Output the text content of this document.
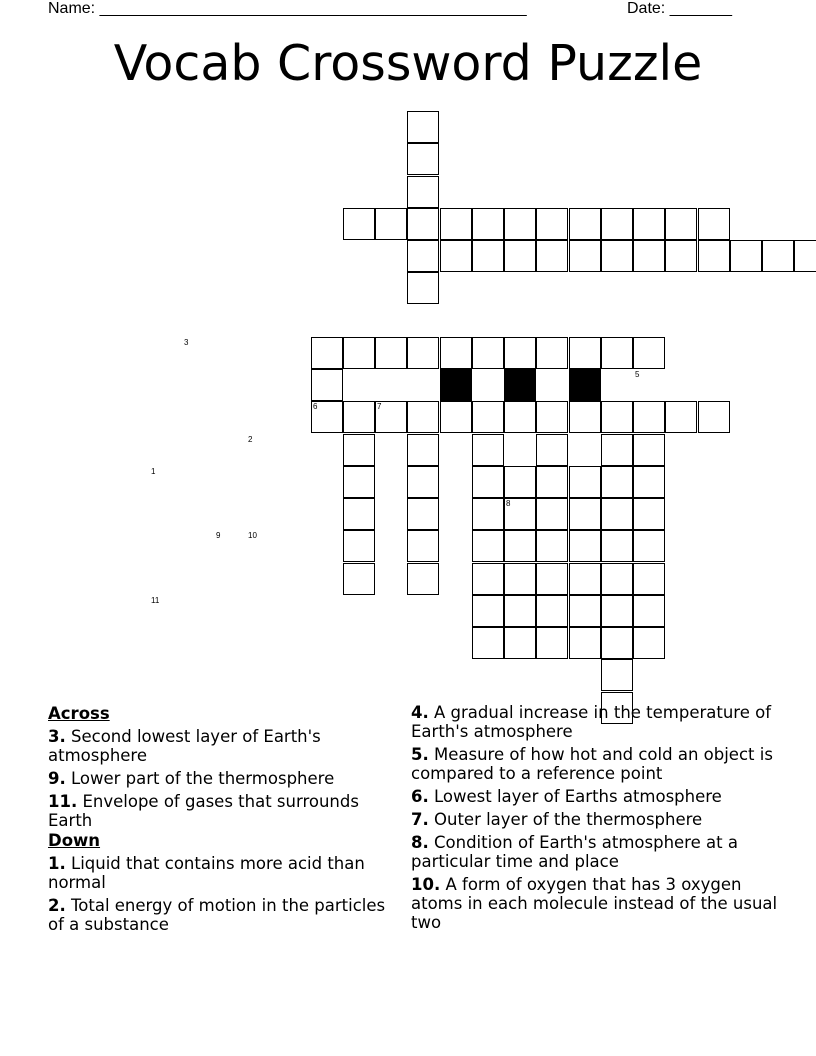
Name: ________________________________________________	Date: _______
Vocab Crossword Puzzle
1
2
3
4	5
6	7
8
9	10
11
Across
3. Second lowest layer of Earth's atmosphere
9. Lower part of the thermosphere
11. Envelope of gases that surrounds Earth
Down
1. Liquid that contains more acid than normal
2. Total energy of motion in the particles of a substance
4. A gradual increase in the temperature of Earth's atmosphere
5. Measure of how hot and cold an object is compared to a reference point
6. Lowest layer of Earths atmosphere
7. Outer layer of the thermosphere
8. Condition of Earth's atmosphere at a particular time and place
10. A form of oxygen that has 3 oxygen atoms in each molecule instead of the usual two
